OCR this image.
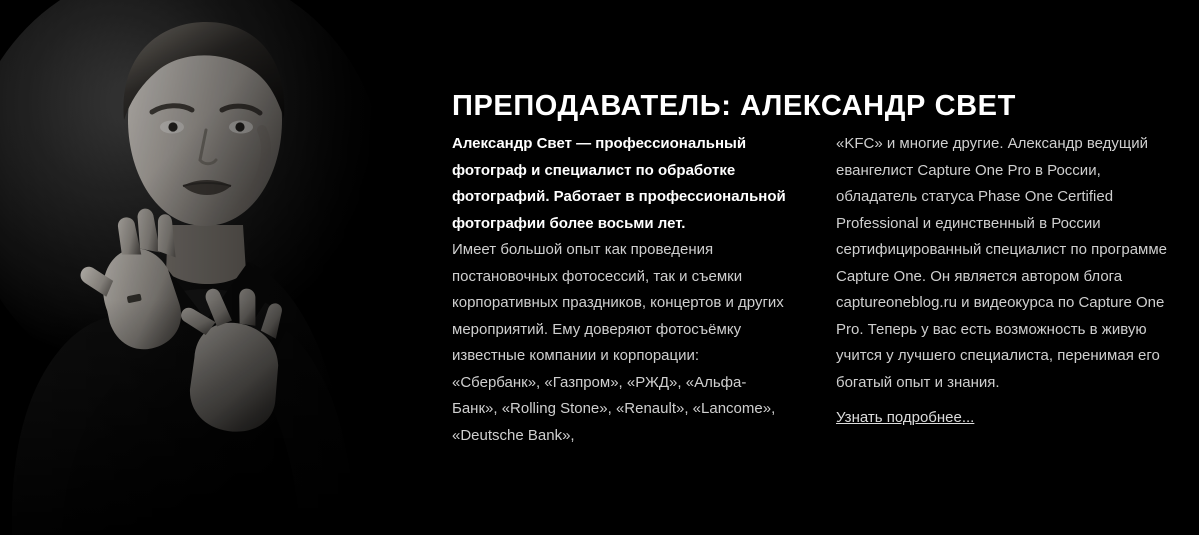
ПРЕПОДАВАТЕЛЬ: АЛЕКСАНДР СВЕТ

Александр Свет — профессиональный фотограф и специалист по обработке фотографий. Работает в профессиональной фотографии более восьми лет.
Имеет большой опыт как проведения постановочных фотосессий, так и съемки корпоративных праздников, концертов и других мероприятий. Ему доверяют фотосъёмку известные компании и корпорации: «Сбербанк», «Газпром», «РЖД», «Альфа-Банк», «Rolling Stone», «Renault», «Lancome», «Deutsche Bank»,

«KFC» и многие другие. Александр ведущий евангелист Capture One Pro в России, обладатель статуса Phase One Certified Professional и единственный в России сертифицированный специалист по программе Capture One. Он является автором блога captureoneblog.ru и видеокурса по Capture One Pro. Теперь у вас есть возможность в живую учится у лучшего специалиста, перенимая его богатый опыт и знания.

Узнать подробнее...
